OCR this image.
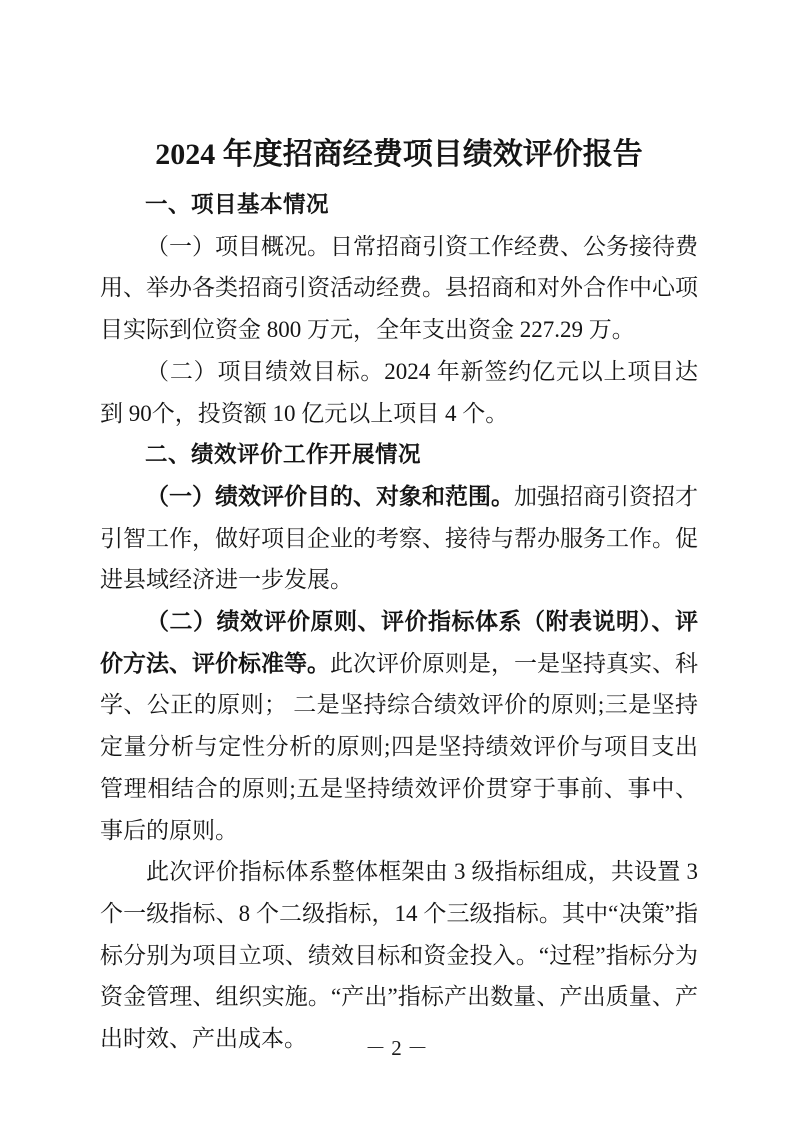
2024 年度招商经费项目绩效评价报告
一、项目基本情况

（一）项目概况。日常招商引资工作经费、公务接待费用、举办各类招商引资活动经费。县招商和对外合作中心项目实际到位资金 800 万元，全年支出资金 227.29 万。

（二）项目绩效目标。2024 年新签约亿元以上项目达到 90个，投资额 10 亿元以上项目 4 个。

二、绩效评价工作开展情况

（一）绩效评价目的、对象和范围。加强招商引资招才引智工作，做好项目企业的考察、接待与帮办服务工作。促进县域经济进一步发展。

（二）绩效评价原则、评价指标体系（附表说明）、评价方法、评价标准等。此次评价原则是，一是坚持真实、科学、公正的原则； 二是坚持综合绩效评价的原则;三是坚持定量分析与定性分析的原则;四是坚持绩效评价与项目支出管理相结合的原则;五是坚持绩效评价贯穿于事前、事中、事后的原则。

此次评价指标体系整体框架由 3 级指标组成，共设置 3 个一级指标、8 个二级指标，14 个三级指标。其中“决策”指标分别为项目立项、绩效目标和资金投入。“过程”指标分为资金管理、组织实施。“产出”指标产出数量、产出质量、产出时效、产出成本。	－ 2 －
